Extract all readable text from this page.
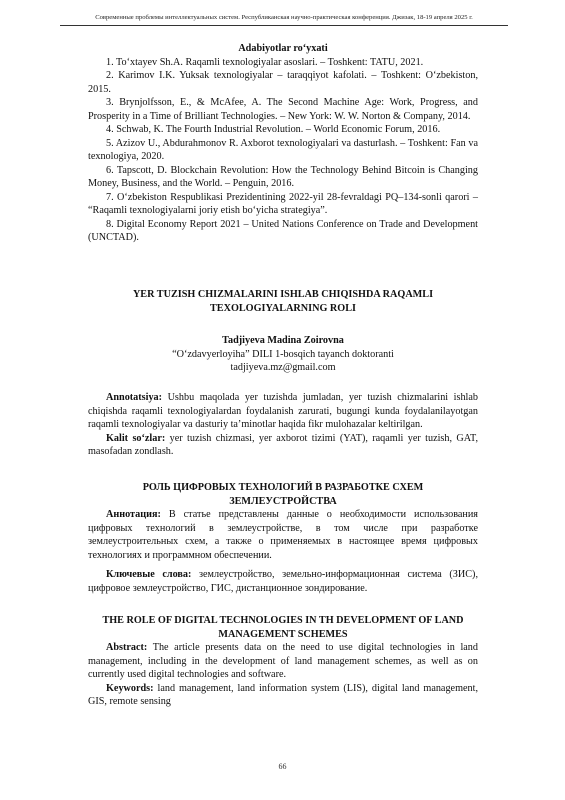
Современные проблемы интеллектуальных систем. Республиканская научно-практическая конференция. Джизак, 18-19 апреля 2025 г.

Adabiyotlar ro‘yxati

1. To‘xtayev Sh.A. Raqamli texnologiyalar asoslari. – Toshkent: TATU, 2021.

2. Karimov I.K. Yuksak texnologiyalar – taraqqiyot kafolati. – Toshkent: O‘zbekiston, 2015.

3. Brynjolfsson, E., & McAfee, A. The Second Machine Age: Work, Progress, and Prosperity in a Time of Brilliant Technologies. – New York: W. W. Norton & Company, 2014.

4. Schwab, K. The Fourth Industrial Revolution. – World Economic Forum, 2016.

5. Azizov U., Abdurahmonov R. Axborot texnologiyalari va dasturlash. – Toshkent: Fan va texnologiya, 2020.

6. Tapscott, D. Blockchain Revolution: How the Technology Behind Bitcoin is Changing Money, Business, and the World. – Penguin, 2016.

7. O‘zbekiston Respublikasi Prezidentining 2022-yil 28-fevraldagi PQ–134-sonli qarori – “Raqamli texnologiyalarni joriy etish bo‘yicha strategiya”.

8. Digital Economy Report 2021 – United Nations Conference on Trade and Development (UNCTAD).

YER TUZISH CHIZMALARINI ISHLAB CHIQISHDA RAQAMLI TEXOLOGIYALARNING ROLI

Tadjiyeva Madina Zoirovna

“O‘zdavyerloyiha” DILI 1-bosqich tayanch doktoranti

tadjiyeva.mz@gmail.com

Annotatsiya: Ushbu maqolada yer tuzishda jumladan, yer tuzish chizmalarini ishlab chiqishda raqamli texnologiyalardan foydalanish zarurati, bugungi kunda foydalanilayotgan raqamli texnologiyalar va dasturiy ta’minotlar haqida fikr mulohazalar keltirilgan.

Kalit so‘zlar: yer tuzish chizmasi, yer axborot tizimi (YAT), raqamli yer tuzish, GAT, masofadan zondlash.

РОЛЬ ЦИФРОВЫХ ТЕХНОЛОГИЙ В РАЗРАБОТКЕ СХЕМ ЗЕМЛЕУСТРОЙСТВА

Аннотация: В статье представлены данные о необходимости использования цифровых технологий в землеустройстве, в том числе при разработке землеустроительных схем, а также о применяемых в настоящее время цифровых технологиях и программном обеспечении.

Ключевые слова: землеустройство, земельно-информационная система (ЗИС), цифровое землеустройство, ГИС, дистанционное зондирование.

THE ROLE OF DIGITAL TECHNOLOGIES IN TH DEVELOPMENT OF LAND MANAGEMENT SCHEMES

Abstract: The article presents data on the need to use digital technologies in land management, including in the development of land management schemes, as well as on currently used digital technologies and software.

Keywords: land management, land information system (LIS), digital land management, GIS, remote sensing

66
